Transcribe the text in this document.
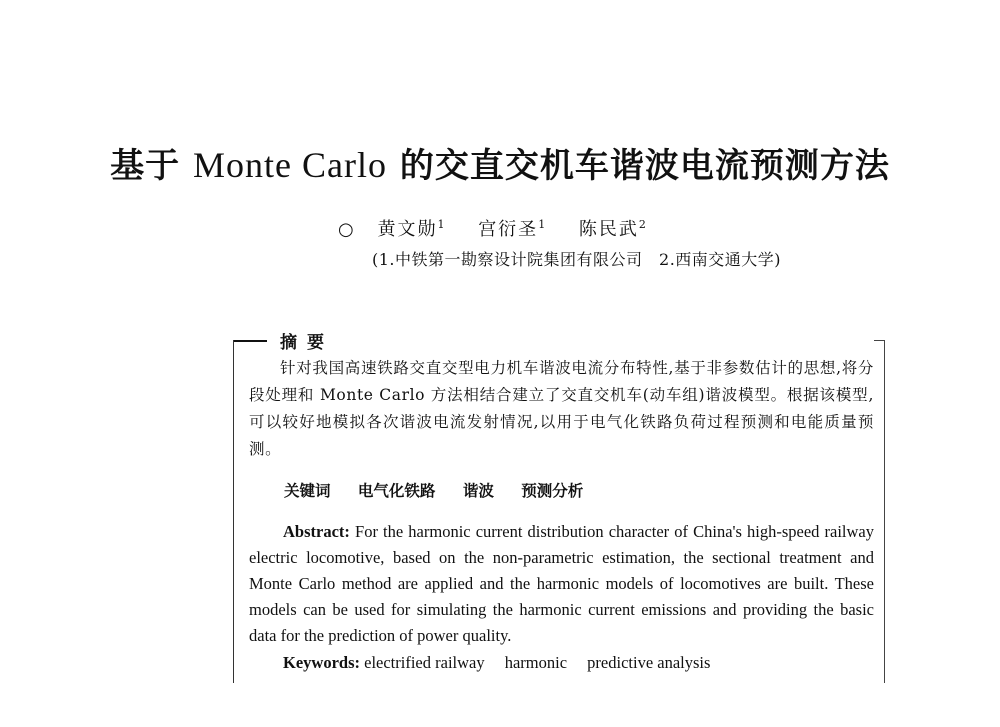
基于 Monte Carlo 的交直交机车谐波电流预测方法
○ 黄文勋$^1$ 宫衍圣$^1$ 陈民武$^2$
(1.中铁第一勘察设计院集团有限公司　2.西南交通大学)
摘要
针对我国高速铁路交直交型电力机车谐波电流分布特性,基于非参数估计的思想,将分段处理和 Monte Carlo 方法相结合建立了交直交机车(动车组)谐波模型。根据该模型,可以较好地模拟各次谐波电流发射情况,以用于电气化铁路负荷过程预测和电能质量预测。
关键词 电气化铁路 谐波 预测分析
Abstract: For the harmonic current distribution character of China's high-speed railway electric locomotive, based on the non-parametric estimation, the sectional treatment and Monte Carlo method are applied and the harmonic models of locomotives are built. These models can be used for simulating the harmonic current emissions and providing the basic data for the prediction of power quality.
Keywords: electrified railway harmonic predictive analysis
